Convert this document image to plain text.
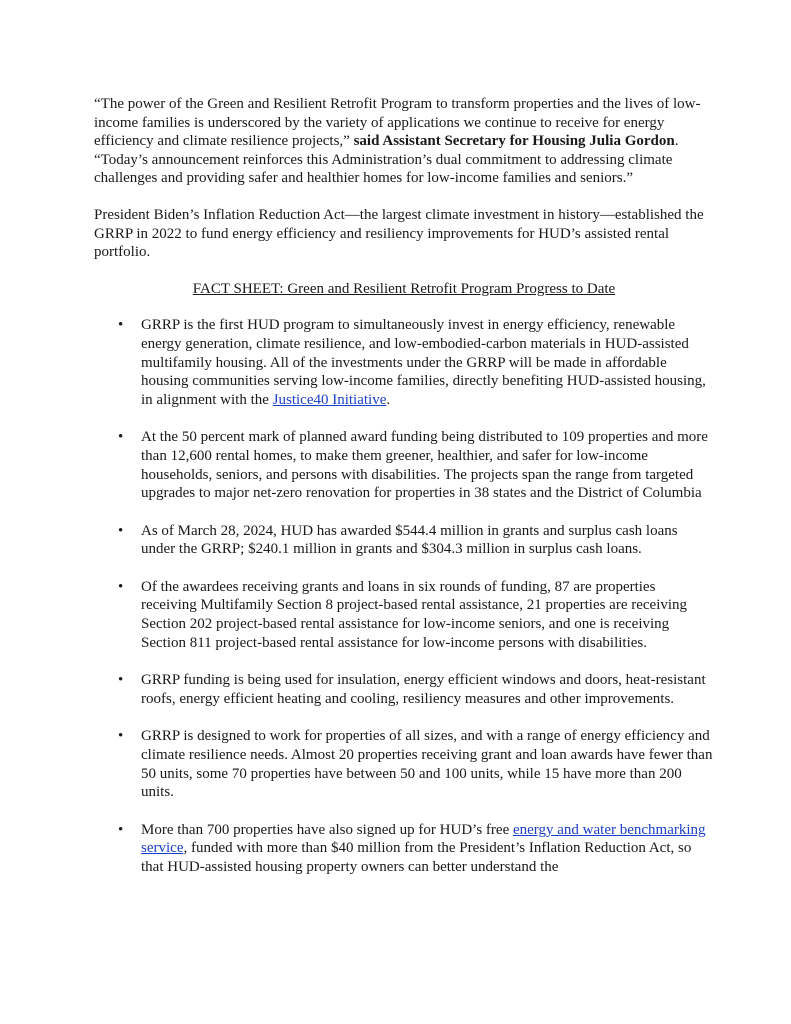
“The power of the Green and Resilient Retrofit Program to transform properties and the lives of low-income families is underscored by the variety of applications we continue to receive for energy efficiency and climate resilience projects,” said Assistant Secretary for Housing Julia Gordon. “Today’s announcement reinforces this Administration’s dual commitment to addressing climate challenges and providing safer and healthier homes for low-income families and seniors.”

President Biden’s Inflation Reduction Act—the largest climate investment in history—established the GRRP in 2022 to fund energy efficiency and resiliency improvements for HUD’s assisted rental portfolio.

FACT SHEET: Green and Resilient Retrofit Program Progress to Date

• GRRP is the first HUD program to simultaneously invest in energy efficiency, renewable energy generation, climate resilience, and low-embodied-carbon materials in HUD-assisted multifamily housing. All of the investments under the GRRP will be made in affordable housing communities serving low-income families, directly benefiting HUD-assisted housing, in alignment with the Justice40 Initiative.
• At the 50 percent mark of planned award funding being distributed to 109 properties and more than 12,600 rental homes, to make them greener, healthier, and safer for low-income households, seniors, and persons with disabilities. The projects span the range from targeted upgrades to major net-zero renovation for properties in 38 states and the District of Columbia
• As of March 28, 2024, HUD has awarded $544.4 million in grants and surplus cash loans under the GRRP; $240.1 million in grants and $304.3 million in surplus cash loans.
• Of the awardees receiving grants and loans in six rounds of funding, 87 are properties receiving Multifamily Section 8 project-based rental assistance, 21 properties are receiving Section 202 project-based rental assistance for low-income seniors, and one is receiving Section 811 project-based rental assistance for low-income persons with disabilities.
• GRRP funding is being used for insulation, energy efficient windows and doors, heat-resistant roofs, energy efficient heating and cooling, resiliency measures and other improvements.
• GRRP is designed to work for properties of all sizes, and with a range of energy efficiency and climate resilience needs. Almost 20 properties receiving grant and loan awards have fewer than 50 units, some 70 properties have between 50 and 100 units, while 15 have more than 200 units.
• More than 700 properties have also signed up for HUD’s free energy and water benchmarking service, funded with more than $40 million from the President’s Inflation Reduction Act, so that HUD-assisted housing property owners can better understand the
